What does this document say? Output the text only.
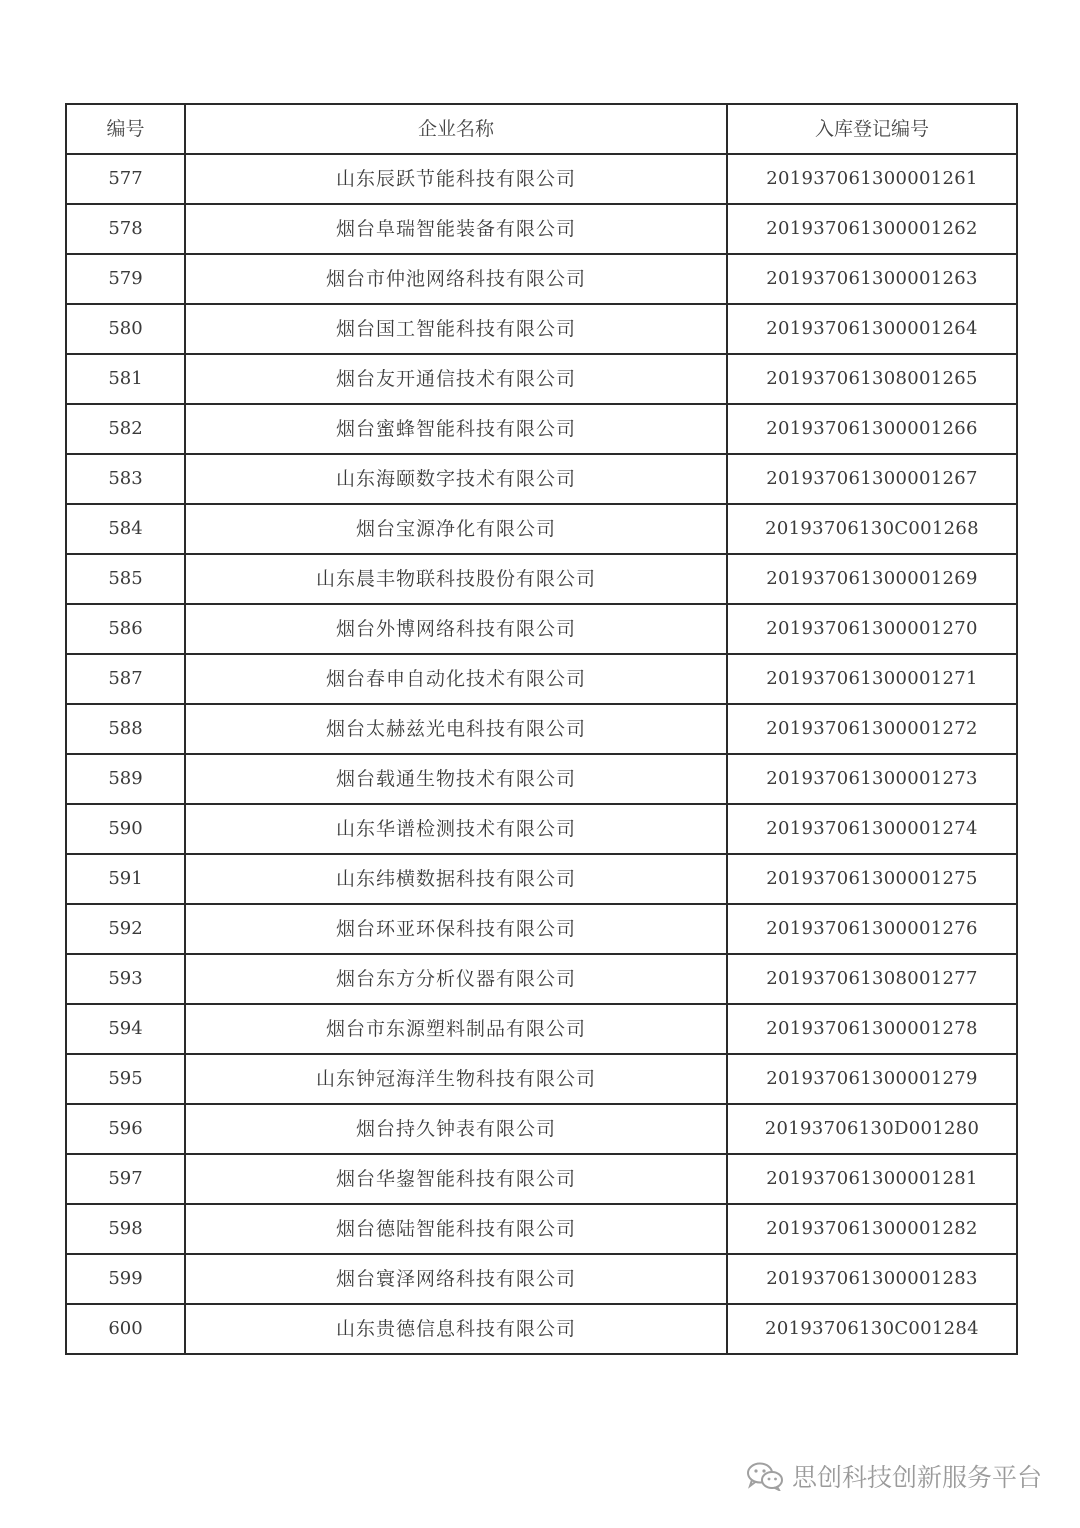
编号	企业名称	入库登记编号
577	山东辰跃节能科技有限公司	201937061300001261
578	烟台阜瑞智能装备有限公司	201937061300001262
579	烟台市仲池网络科技有限公司	201937061300001263
580	烟台国工智能科技有限公司	201937061300001264
581	烟台友开通信技术有限公司	201937061308001265
582	烟台蜜蜂智能科技有限公司	201937061300001266
583	山东海颐数字技术有限公司	201937061300001267
584	烟台宝源净化有限公司	20193706130C001268
585	山东晨丰物联科技股份有限公司	201937061300001269
586	烟台外博网络科技有限公司	201937061300001270
587	烟台春申自动化技术有限公司	201937061300001271
588	烟台太赫兹光电科技有限公司	201937061300001272
589	烟台载通生物技术有限公司	201937061300001273
590	山东华谱检测技术有限公司	201937061300001274
591	山东纬横数据科技有限公司	201937061300001275
592	烟台环亚环保科技有限公司	201937061300001276
593	烟台东方分析仪器有限公司	201937061308001277
594	烟台市东源塑料制品有限公司	201937061300001278
595	山东钟冠海洋生物科技有限公司	201937061300001279
596	烟台持久钟表有限公司	20193706130D001280
597	烟台华鋆智能科技有限公司	201937061300001281
598	烟台德陆智能科技有限公司	201937061300001282
599	烟台寰泽网络科技有限公司	201937061300001283
600	山东贵德信息科技有限公司	20193706130C001284
思创科技创新服务平台
